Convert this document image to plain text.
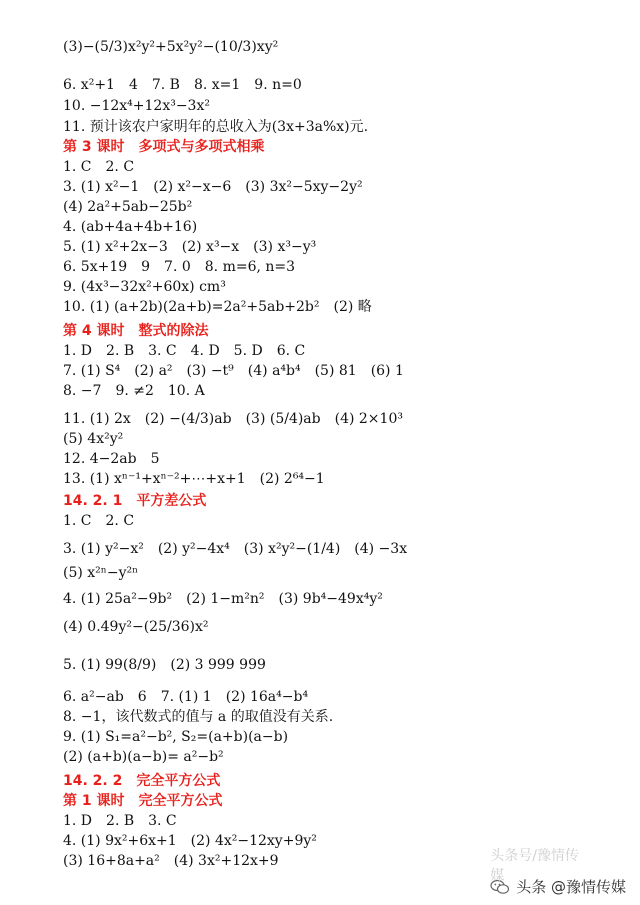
(3)−(5/3)x²y²+5x²y²−(10/3)xy²
6. x²+1　4　7. B　8. x=1　9. n=0
10. −12x⁴+12x³−3x²
11. 预计该农户家明年的总收入为(3x+3a%x)元.
第 3 课时　多项式与多项式相乘
1. C　2. C
3. (1) x²−1　(2) x²−x−6　(3) 3x²−5xy−2y²
(4) 2a²+5ab−25b²
4. (ab+4a+4b+16)
5. (1) x²+2x−3　(2) x³−x　(3) x³−y³
6. 5x+19　9　7. 0　8. m=6, n=3
9. (4x³−32x²+60x) cm³
10. (1) (a+2b)(2a+b)=2a²+5ab+2b²　(2) 略
第 4 课时　整式的除法
1. D　2. B　3. C　4. D　5. D　6. C
7. (1) S⁴　(2) a²　(3) −t⁹　(4) a⁴b⁴　(5) 81　(6) 1
8. −7　9. ≠2　10. A
11. (1) 2x　(2) −(4/3)ab　(3) (5/4)ab　(4) 2×10³
(5) 4x²y²
12. 4−2ab　5
13. (1) xⁿ⁻¹+xⁿ⁻²+⋯+x+1　(2) 2⁶⁴−1
14. 2. 1　平方差公式
1. C　2. C
3. (1) y²−x²　(2) y²−4x⁴　(3) x²y²−(1/4)　(4) −3x
(5) x²ⁿ−y²ⁿ
4. (1) 25a²−9b²　(2) 1−m²n²　(3) 9b⁴−49x⁴y²
(4) 0.49y²−(25/36)x²
5. (1) 99(8/9)　(2) 3 999 999
6. a²−ab　6　7. (1) 1　(2) 16a⁴−b⁴
8. −1，该代数式的值与 a 的取值没有关系.
9. (1) S₁=a²−b², S₂=(a+b)(a−b)
(2) (a+b)(a−b)= a²−b²
14. 2. 2　完全平方公式
第 1 课时　完全平方公式
1. D　2. B　3. C
4. (1) 9x²+6x+1　(2) 4x²−12xy+9y²
(3) 16+8a+a²　(4) 3x²+12x+9	头条号/豫情传媒
头条 @豫情传媒
